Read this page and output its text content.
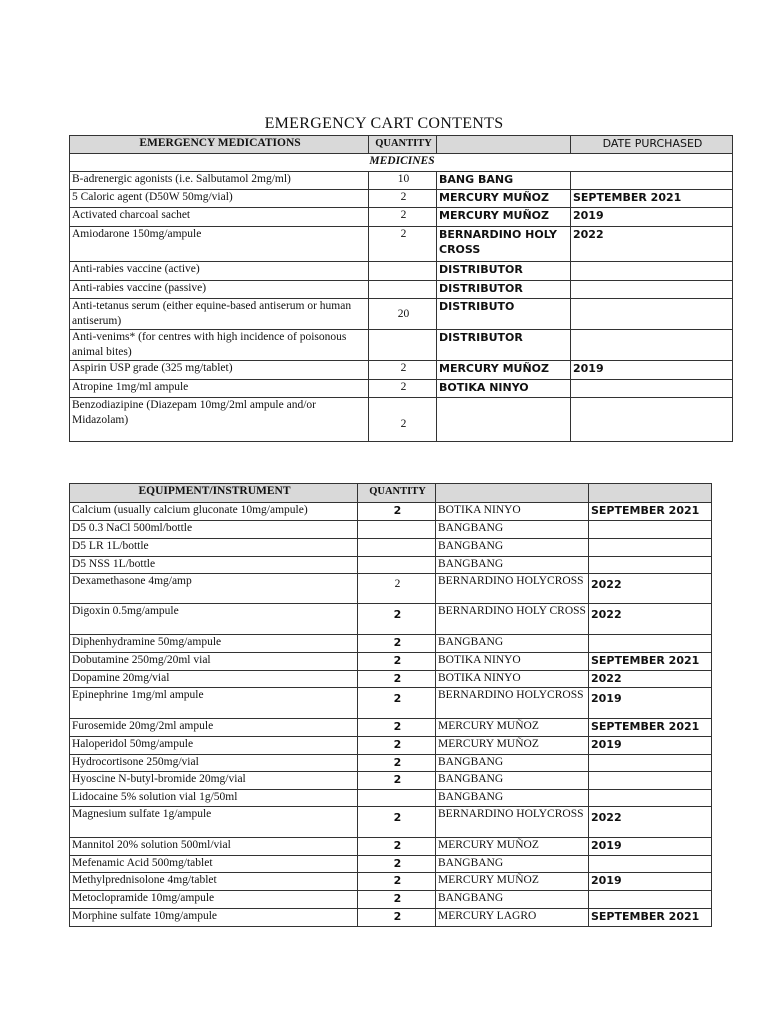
EMERGENCY CART CONTENTS
EMERGENCY MEDICATIONS	QUANTITY		DATE PURCHASED
MEDICINES			
B-adrenergic agonists (i.e. Salbutamol 2mg/ml)	10	BANG BANG	
5 Caloric agent (D50W 50mg/vial)	2	MERCURY MUÑOZ	SEPTEMBER 2021
Activated charcoal sachet	2	MERCURY MUÑOZ	2019
Amiodarone 150mg/ampule	2	BERNARDINO HOLY CROSS	2022
Anti-rabies vaccine (active)		DISTRIBUTOR	
Anti-rabies vaccine (passive)		DISTRIBUTOR	
Anti-tetanus serum (either equine-based antiserum or human antiserum)	20	DISTRIBUTO	
Anti-venims* (for centres with high incidence of poisonous animal bites)		DISTRIBUTOR	
Aspirin USP grade (325 mg/tablet)	2	MERCURY MUÑOZ	2019
Atropine 1mg/ml ampule	2	BOTIKA NINYO	
Benzodiazipine (Diazepam 10mg/2ml ampule and/or Midazolam)	2		
EQUIPMENT/INSTRUMENT	QUANTITY		
Calcium (usually calcium gluconate 10mg/ampule)	2	BOTIKA NINYO	SEPTEMBER 2021
D5 0.3 NaCl 500ml/bottle		BANGBANG	
D5 LR 1L/bottle		BANGBANG	
D5 NSS 1L/bottle		BANGBANG	
Dexamethasone 4mg/amp	2	BERNARDINO HOLYCROSS	2022
Digoxin 0.5mg/ampule	2	BERNARDINO HOLY CROSS	2022
Diphenhydramine 50mg/ampule	2	BANGBANG	
Dobutamine 250mg/20ml vial	2	BOTIKA NINYO	SEPTEMBER 2021
Dopamine 20mg/vial	2	BOTIKA NINYO	2022
Epinephrine 1mg/ml ampule	2	BERNARDINO HOLYCROSS	2019
Furosemide 20mg/2ml ampule	2	MERCURY MUÑOZ	SEPTEMBER 2021
Haloperidol 50mg/ampule	2	MERCURY MUÑOZ	2019
Hydrocortisone 250mg/vial	2	BANGBANG	
Hyoscine N-butyl-bromide 20mg/vial	2	BANGBANG	
Lidocaine 5% solution vial 1g/50ml		BANGBANG	
Magnesium sulfate 1g/ampule	2	BERNARDINO HOLYCROSS	2022
Mannitol 20% solution 500ml/vial	2	MERCURY MUÑOZ	2019
Mefenamic Acid 500mg/tablet	2	BANGBANG	
Methylprednisolone 4mg/tablet	2	MERCURY MUÑOZ	2019
Metoclopramide 10mg/ampule	2	BANGBANG	
Morphine sulfate 10mg/ampule	2	MERCURY LAGRO	SEPTEMBER 2021
